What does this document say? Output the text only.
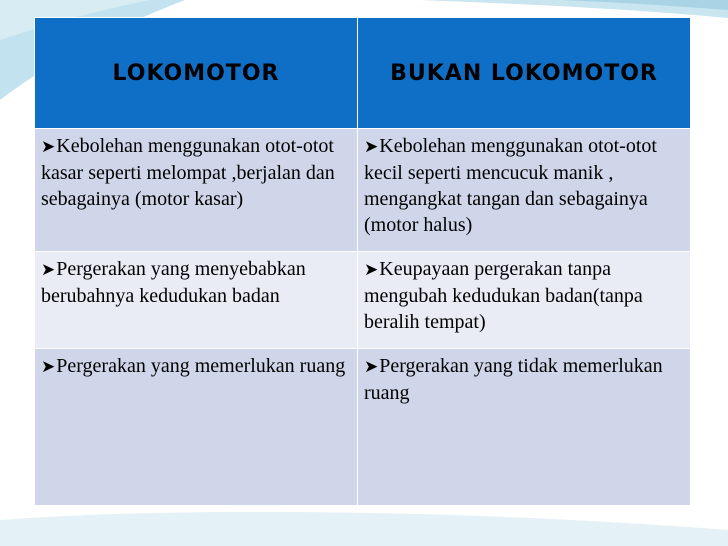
LOKOMOTOR	BUKAN LOKOMOTOR
➤Kebolehan menggunakan otot-otot kasar seperti melompat ,berjalan dan sebagainya (motor kasar)	➤Kebolehan menggunakan otot-otot kecil seperti mencucuk manik , mengangkat tangan dan sebagainya (motor halus)
➤Pergerakan yang menyebabkan berubahnya kedudukan badan	➤Keupayaan pergerakan tanpa mengubah kedudukan badan(tanpa beralih tempat)
➤Pergerakan yang memerlukan ruang	➤Pergerakan yang tidak memerlukan ruang
